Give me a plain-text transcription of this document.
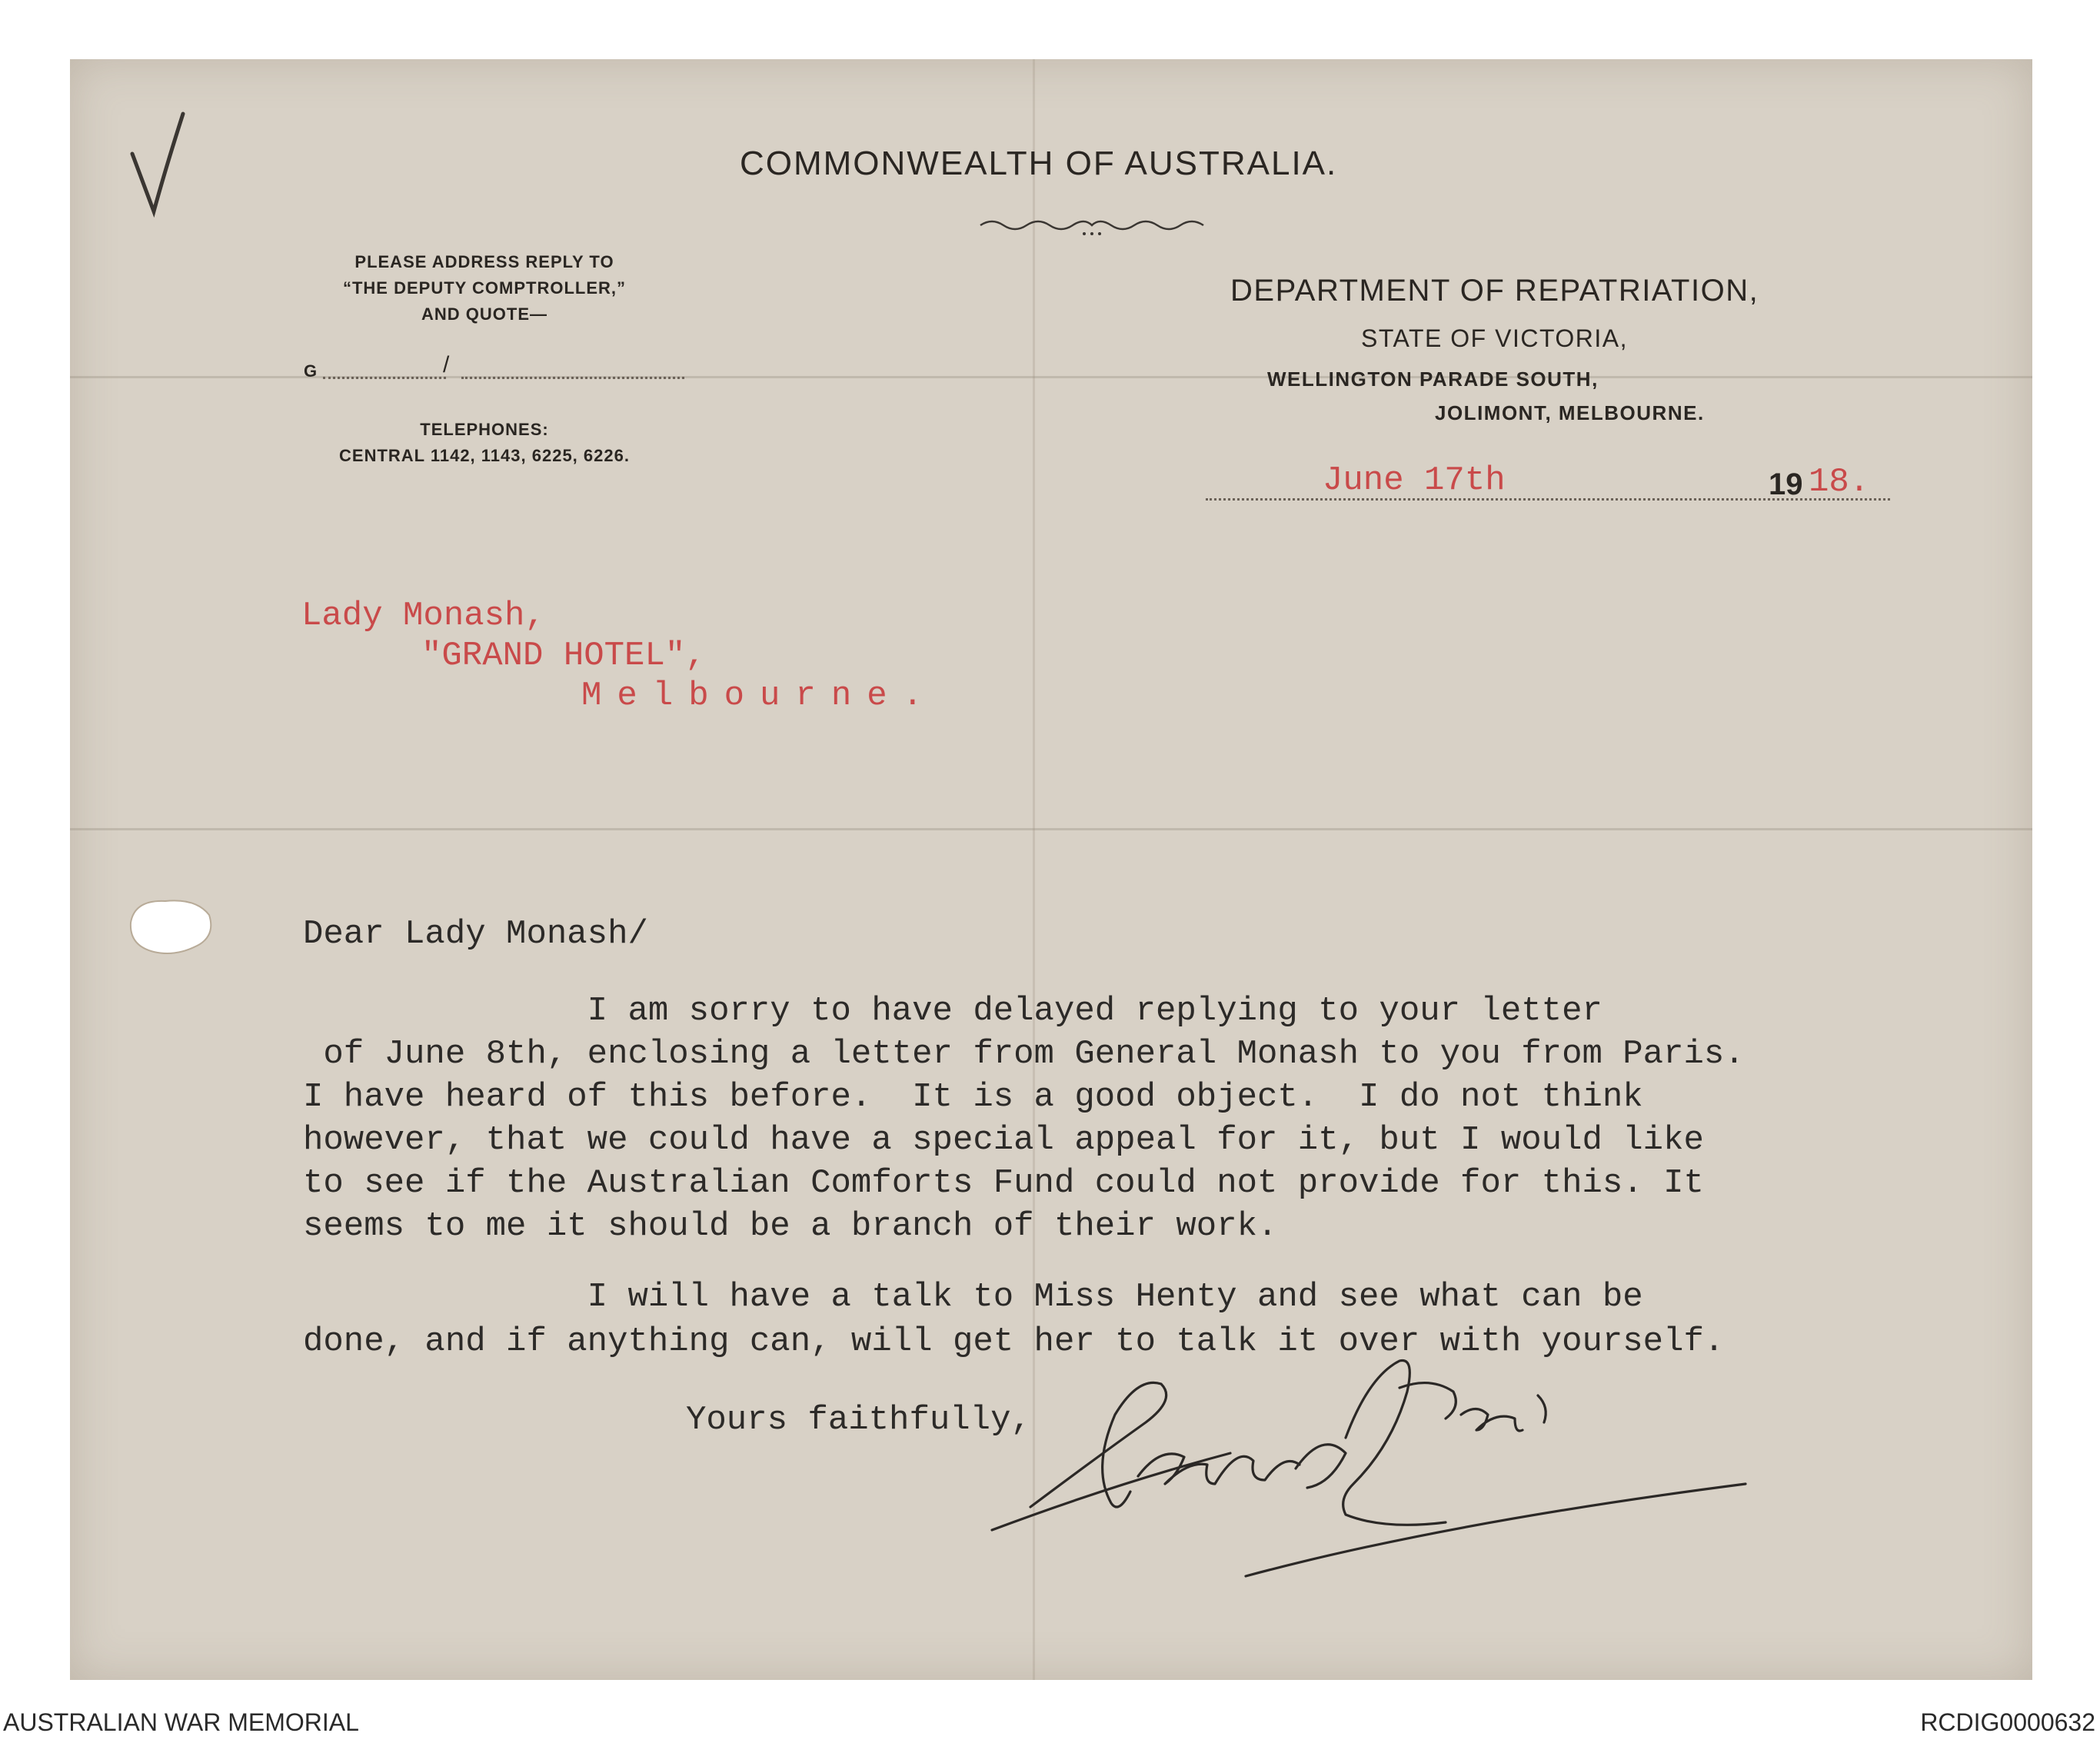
COMMONWEALTH OF AUSTRALIA.
PLEASE ADDRESS REPLY TO
“THE DEPUTY COMPTROLLER,”
AND QUOTE—
G	/
TELEPHONES:
CENTRAL 1142, 1143, 6225, 6226.
DEPARTMENT OF REPATRIATION,
STATE OF VICTORIA,
WELLINGTON PARADE SOUTH,
JOLIMONT, MELBOURNE.
June 17th	19 18.
Lady Monash,
"GRAND HOTEL",
Melbourne.
Dear Lady Monash/
I am sorry to have delayed replying to your letter
of June 8th, enclosing a letter from General Monash to you from Paris.
I have heard of this before.  It is a good object.  I do not think
however, that we could have a special appeal for it, but I would like
to see if the Australian Comforts Fund could not provide for this. It
seems to me it should be a branch of their work.
I will have a talk to Miss Henty and see what can be
done, and if anything can, will get her to talk it over with yourself.
Yours faithfully,
AUSTRALIAN WAR MEMORIAL	RCDIG0000632
